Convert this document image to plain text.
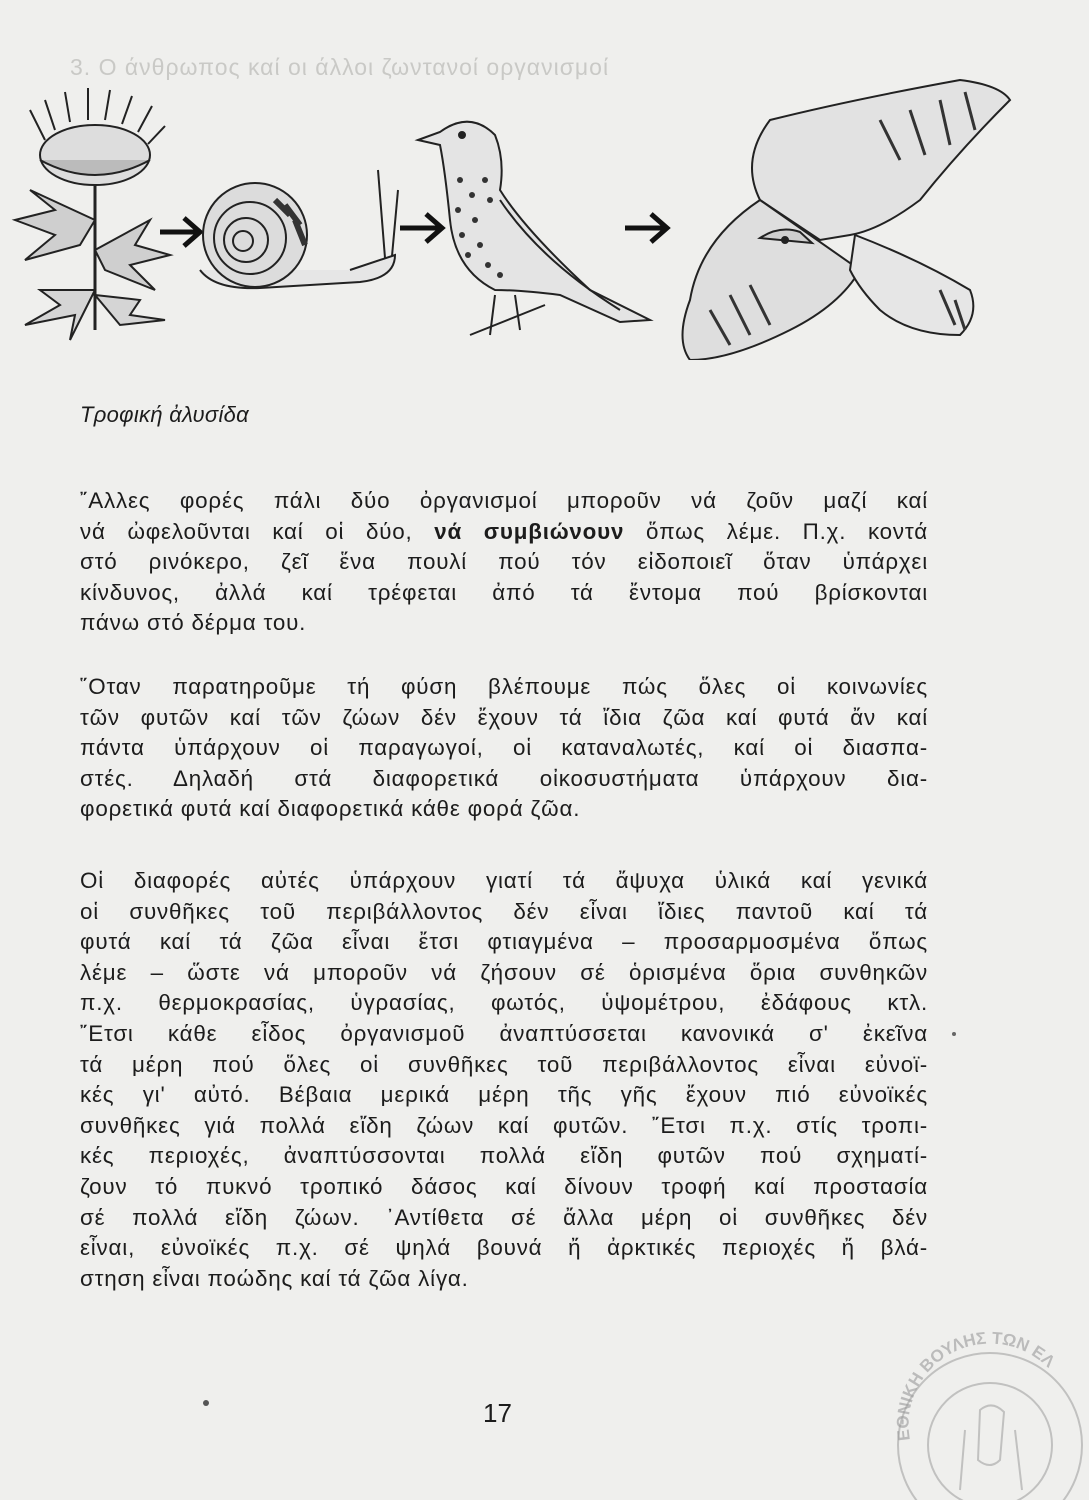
3. Ο άνθρωπος καί οι άλλοι ζωντανοί οργανισμοί
Τροφική ἀλυσίδα

῎Αλλες φορές πάλι δύο ὀργανισμοί μποροῦν νά ζοῦν μαζί καί
νά ὠφελοῦνται καί οἱ δύο, νά συμβιώνουν ὅπως λέμε. Π.χ. κοντά
στό ρινόκερο, ζεῖ ἕνα πουλί πού τόν εἰδοποιεῖ ὅταν ὑπάρχει
κίνδυνος, ἀλλά καί τρέφεται ἀπό τά ἔντομα πού βρίσκονται
πάνω στό δέρμα του.

῞Οταν παρατηροῦμε τή φύση βλέπουμε πώς ὅλες οἱ κοινωνίες
τῶν φυτῶν καί τῶν ζώων δέν ἔχουν τά ἴδια ζῶα καί φυτά ἄν καί
πάντα ὑπάρχουν οἱ παραγωγοί, οἱ καταναλωτές, καί οἱ διασπα-
στές. Δηλαδή στά διαφορετικά οἰκοσυστήματα ὑπάρχουν δια-
φορετικά φυτά καί διαφορετικά κάθε φορά ζῶα.

Οἱ διαφορές αὐτές ὑπάρχουν γιατί τά ἄψυχα ὑλικά καί γενικά
οἱ συνθῆκες τοῦ περιβάλλοντος δέν εἶναι ἴδιες παντοῦ καί τά
φυτά καί τά ζῶα εἶναι ἔτσι φτιαγμένα – προσαρμοσμένα ὅπως
λέμε – ὥστε νά μποροῦν νά ζήσουν σέ ὁρισμένα ὅρια συνθηκῶν
π.χ. θερμοκρασίας, ὑγρασίας, φωτός, ὑψομέτρου, ἐδάφους κτλ.
῎Ετσι κάθε εἶδος ὀργανισμοῦ ἀναπτύσσεται κανονικά σ' ἐκεῖνα
τά μέρη πού ὅλες οἱ συνθῆκες τοῦ περιβάλλοντος εἶναι εὐνοϊ-
κές γι' αὐτό. Βέβαια μερικά μέρη τῆς γῆς ἔχουν πιό εὐνοϊκές
συνθῆκες γιά πολλά εἴδη ζώων καί φυτῶν. ῎Ετσι π.χ. στίς τροπι-
κές περιοχές, ἀναπτύσσονται πολλά εἴδη φυτῶν πού σχηματί-
ζουν τό πυκνό τροπικό δάσος καί δίνουν τροφή καί προστασία
σέ πολλά εἴδη ζώων. ᾿Αντίθετα σέ ἄλλα μέρη οἱ συνθῆκες δέν
εἶναι, εὐνοϊκές π.χ. σέ ψηλά βουνά ἤ ἀρκτικές περιοχές ἤ βλά-
στηση εἶναι ποώδης καί τά ζῶα λίγα.

17
ΕΘΝΙΚΗ ΒΟΥΛΗΣ ΤΩΝ ΕΛ
